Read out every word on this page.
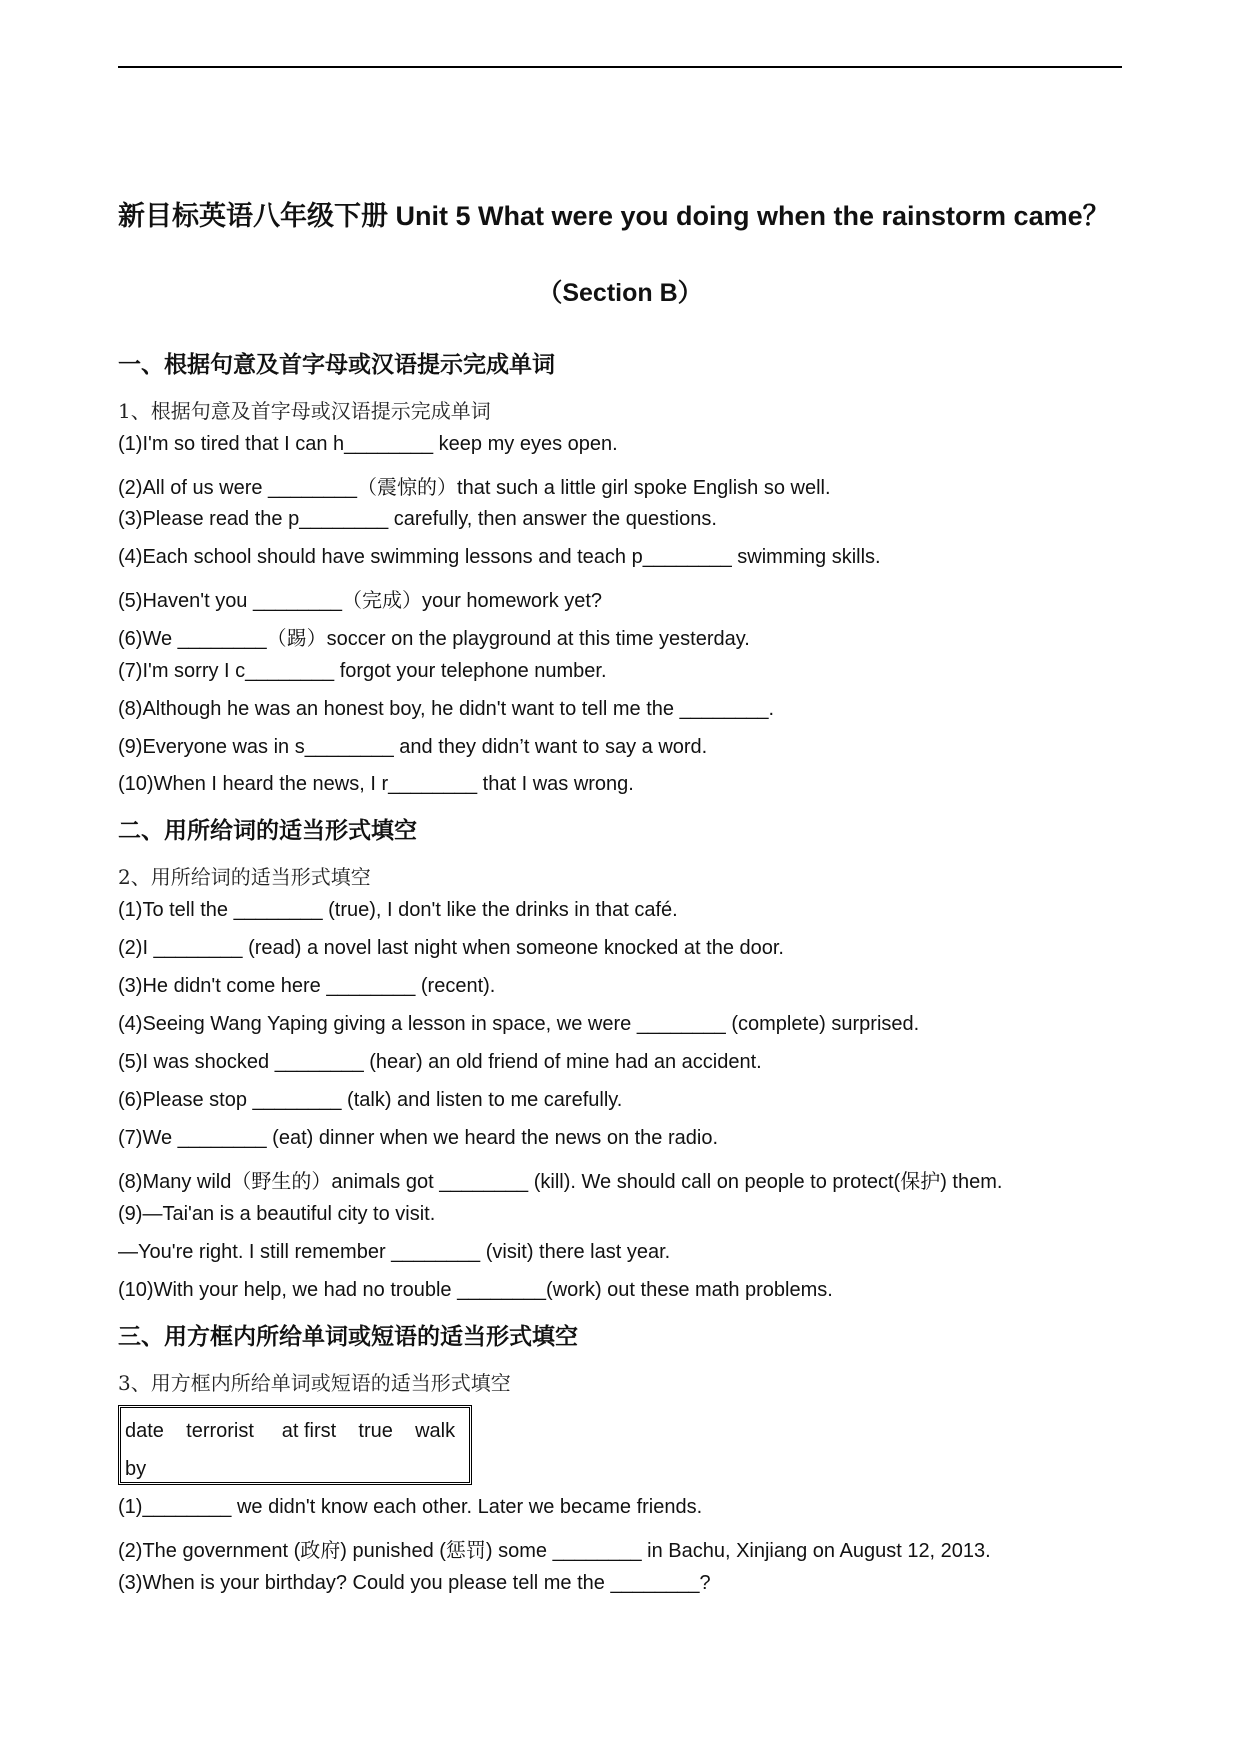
新目标英语八年级下册 Unit 5 What were you doing when the rainstorm came？
（Section B）
一、根据句意及首字母或汉语提示完成单词
1、根据句意及首字母或汉语提示完成单词
(1)I'm so tired that I can h________ keep my eyes open.
(2)All of us were ________（震惊的）that such a little girl spoke English so well.
(3)Please read the p________ carefully, then answer the questions.
(4)Each school should have swimming lessons and teach p________ swimming skills.
(5)Haven't you ________（完成）your homework yet?
(6)We ________（踢）soccer on the playground at this time yesterday.
(7)I'm sorry I c________ forgot your telephone number.
(8)Although he was an honest boy, he didn't want to tell me the ________.
(9)Everyone was in s________ and they didn’t want to say a word.
(10)When I heard the news, I r________ that I was wrong.
二、用所给词的适当形式填空
2、用所给词的适当形式填空
(1)To tell the ________ (true), I don't like the drinks in that café.
(2)I ________ (read) a novel last night when someone knocked at the door.
(3)He didn't come here ________ (recent).
(4)Seeing Wang Yaping giving a lesson in space, we were ________ (complete) surprised.
(5)I was shocked ________ (hear) an old friend of mine had an accident.
(6)Please stop ________ (talk) and listen to me carefully.
(7)We ________ (eat) dinner when we heard the news on the radio.
(8)Many wild（野生的）animals got ________ (kill). We should call on people to protect(保护) them.
(9)—Tai'an is a beautiful city to visit.
—You're right. I still remember ________ (visit) there last year.
(10)With your help, we had no trouble ________(work) out these math problems.
三、用方框内所给单词或短语的适当形式填空
3、用方框内所给单词或短语的适当形式填空
date    terrorist     at first    true    walk
by
(1)________ we didn't know each other. Later we became friends.
(2)The government (政府) punished (惩罚) some ________ in Bachu, Xinjiang on August 12, 2013.
(3)When is your birthday? Could you please tell me the ________?
